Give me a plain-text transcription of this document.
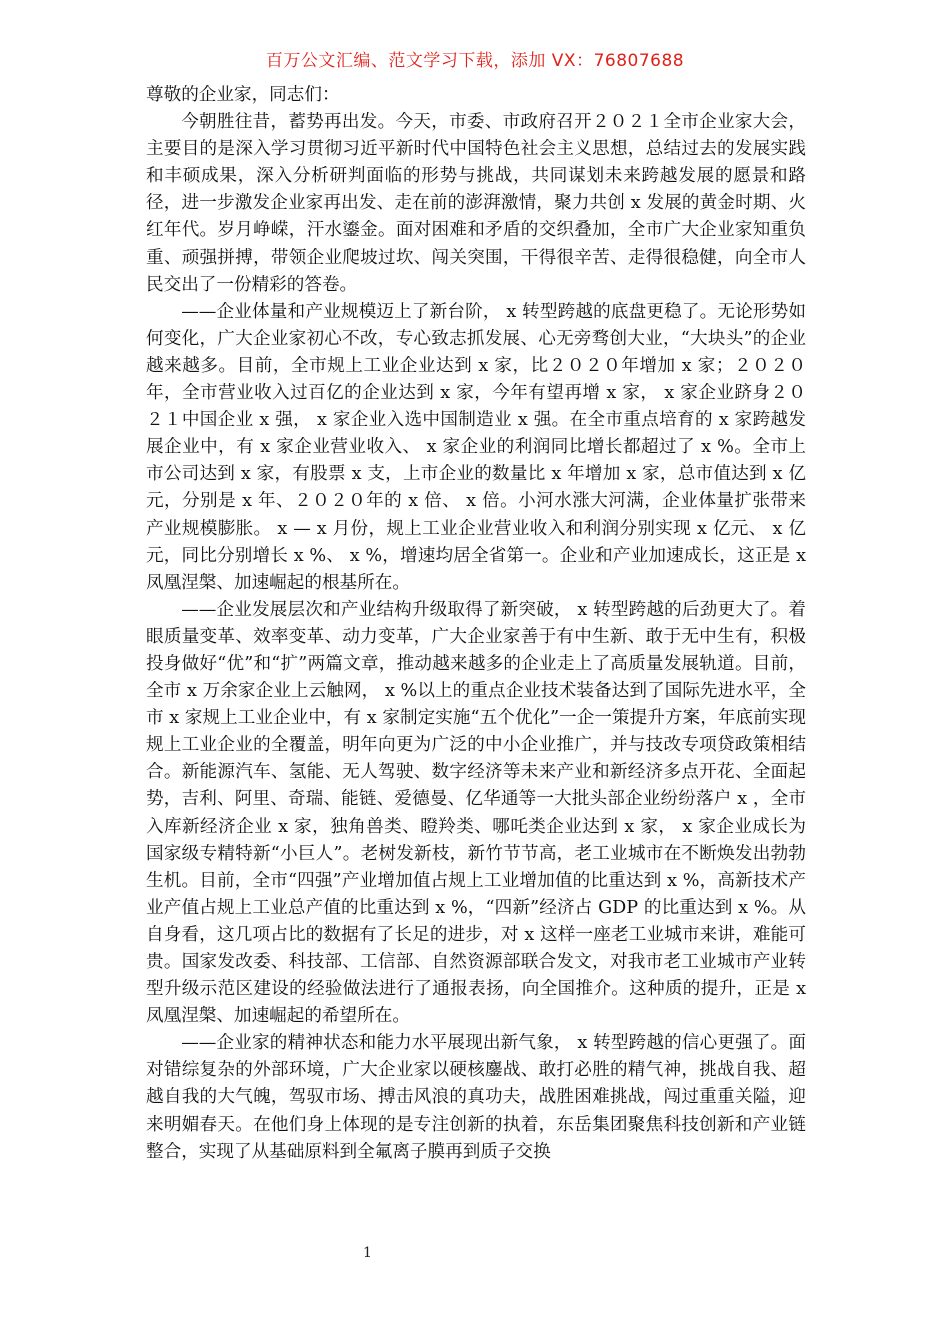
百万公文汇编、范文学习下载，添加 VX：76807688

尊敬的企业家，同志们：

今朝胜往昔，蓄势再出发。今天，市委、市政府召开２０２１全市企业家大会，主要目的是深入学习贯彻习近平新时代中国特色社会主义思想，总结过去的发展实践和丰硕成果，深入分析研判面临的形势与挑战，共同谋划未来跨越发展的愿景和路径，进一步激发企业家再出发、走在前的澎湃激情，聚力共创 x 发展的黄金时期、火红年代。岁月峥嵘，汗水鎏金。面对困难和矛盾的交织叠加，全市广大企业家知重负重、顽强拼搏，带领企业爬坡过坎、闯关突围，干得很辛苦、走得很稳健，向全市人民交出了一份精彩的答卷。

——企业体量和产业规模迈上了新台阶， x 转型跨越的底盘更稳了。无论形势如何变化，广大企业家初心不改，专心致志抓发展、心无旁骛创大业，“大块头”的企业越来越多。目前，全市规上工业企业达到 x 家，比２０２０年增加 x 家；２０２０年，全市营业收入过百亿的企业达到 x 家，今年有望再增 x 家， x 家企业跻身２０２１中国企业 x 强， x 家企业入选中国制造业 x 强。在全市重点培育的 x 家跨越发展企业中，有 x 家企业营业收入、 x 家企业的利润同比增长都超过了 x %。全市上市公司达到 x 家，有股票 x 支，上市企业的数量比 x 年增加 x 家，总市值达到 x 亿元，分别是 x 年、２０２０年的 x 倍、 x 倍。小河水涨大河满，企业体量扩张带来产业规模膨胀。 x — x 月份，规上工业企业营业收入和利润分别实现 x 亿元、 x 亿元，同比分别增长 x %、 x %，增速均居全省第一。企业和产业加速成长，这正是 x 凤凰涅槃、加速崛起的根基所在。

——企业发展层次和产业结构升级取得了新突破， x 转型跨越的后劲更大了。着眼质量变革、效率变革、动力变革，广大企业家善于有中生新、敢于无中生有，积极投身做好“优”和“扩”两篇文章，推动越来越多的企业走上了高质量发展轨道。目前，全市 x 万余家企业上云触网， x %以上的重点企业技术装备达到了国际先进水平，全市 x 家规上工业企业中，有 x 家制定实施“五个优化”一企一策提升方案，年底前实现规上工业企业的全覆盖，明年向更为广泛的中小企业推广，并与技改专项贷政策相结合。新能源汽车、氢能、无人驾驶、数字经济等未来产业和新经济多点开花、全面起势，吉利、阿里、奇瑞、能链、爱德曼、亿华通等一大批头部企业纷纷落户 x ，全市入库新经济企业 x 家，独角兽类、瞪羚类、哪吒类企业达到 x 家， x 家企业成长为国家级专精特新“小巨人”。老树发新枝，新竹节节高，老工业城市在不断焕发出勃勃生机。目前，全市“四强”产业增加值占规上工业增加值的比重达到 x %，高新技术产业产值占规上工业总产值的比重达到 x %，“四新”经济占 GDP 的比重达到 x %。从自身看，这几项占比的数据有了长足的进步，对 x 这样一座老工业城市来讲，难能可贵。国家发改委、科技部、工信部、自然资源部联合发文，对我市老工业城市产业转型升级示范区建设的经验做法进行了通报表扬，向全国推介。这种质的提升，正是 x 凤凰涅槃、加速崛起的希望所在。

——企业家的精神状态和能力水平展现出新气象， x 转型跨越的信心更强了。面对错综复杂的外部环境，广大企业家以硬核鏖战、敢打必胜的精气神，挑战自我、超越自我的大气魄，驾驭市场、搏击风浪的真功夫，战胜困难挑战，闯过重重关隘，迎来明媚春天。在他们身上体现的是专注创新的执着，东岳集团聚焦科技创新和产业链整合，实现了从基础原料到全氟离子膜再到质子交换

1
